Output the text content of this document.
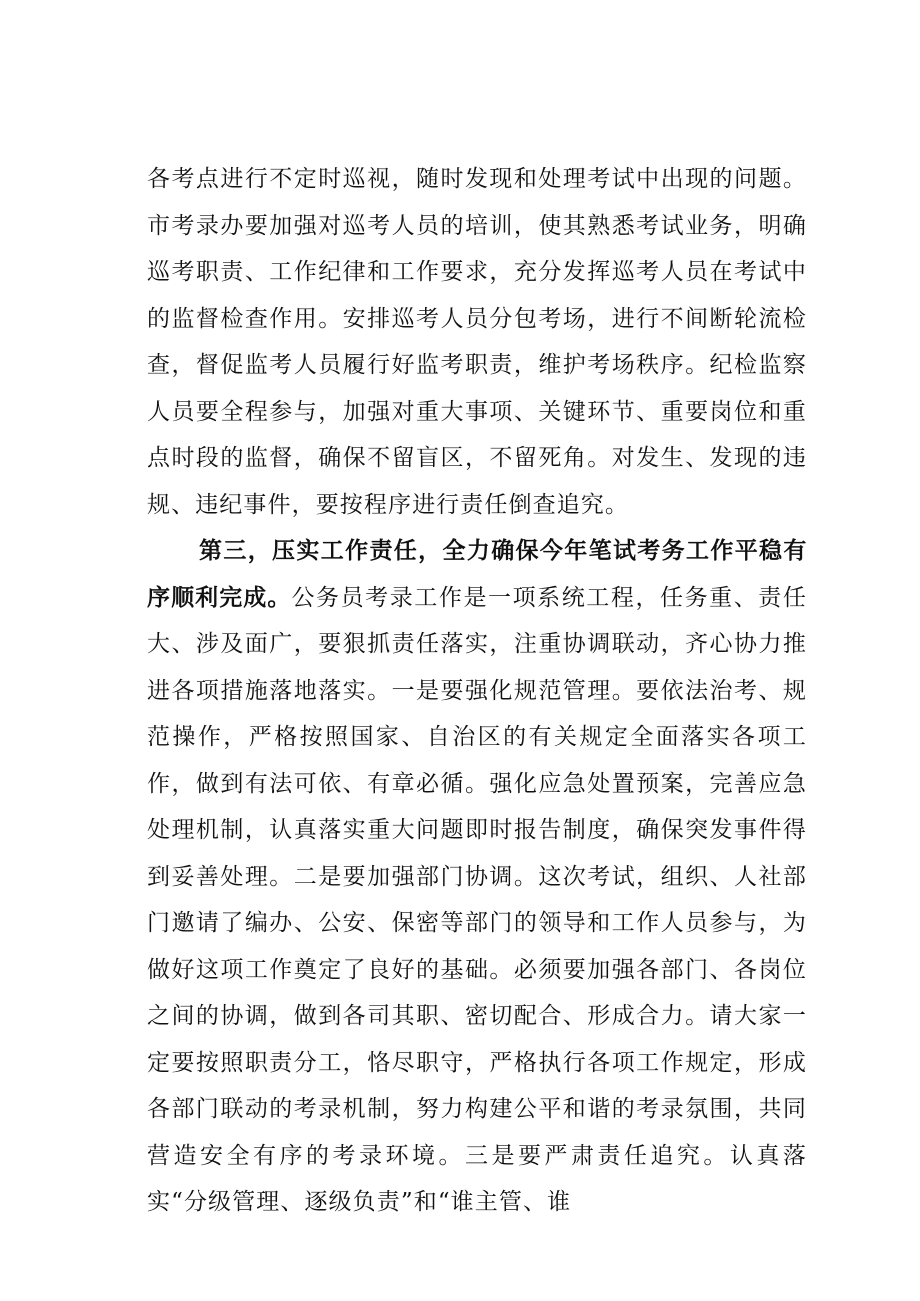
各考点进行不定时巡视，随时发现和处理考试中出现的问题。市考录办要加强对巡考人员的培训，使其熟悉考试业务，明确巡考职责、工作纪律和工作要求，充分发挥巡考人员在考试中的监督检查作用。安排巡考人员分包考场，进行不间断轮流检查，督促监考人员履行好监考职责，维护考场秩序。纪检监察人员要全程参与，加强对重大事项、关键环节、重要岗位和重点时段的监督，确保不留盲区，不留死角。对发生、发现的违规、违纪事件，要按程序进行责任倒查追究。

第三，压实工作责任，全力确保今年笔试考务工作平稳有序顺利完成。公务员考录工作是一项系统工程，任务重、责任大、涉及面广，要狠抓责任落实，注重协调联动，齐心协力推进各项措施落地落实。一是要强化规范管理。要依法治考、规范操作，严格按照国家、自治区的有关规定全面落实各项工作，做到有法可依、有章必循。强化应急处置预案，完善应急处理机制，认真落实重大问题即时报告制度，确保突发事件得到妥善处理。二是要加强部门协调。这次考试，组织、人社部门邀请了编办、公安、保密等部门的领导和工作人员参与，为做好这项工作奠定了良好的基础。必须要加强各部门、各岗位之间的协调，做到各司其职、密切配合、形成合力。请大家一定要按照职责分工，恪尽职守，严格执行各项工作规定，形成各部门联动的考录机制，努力构建公平和谐的考录氛围，共同营造安全有序的考录环境。三是要严肃责任追究。认真落实“分级管理、逐级负责”和“谁主管、谁
